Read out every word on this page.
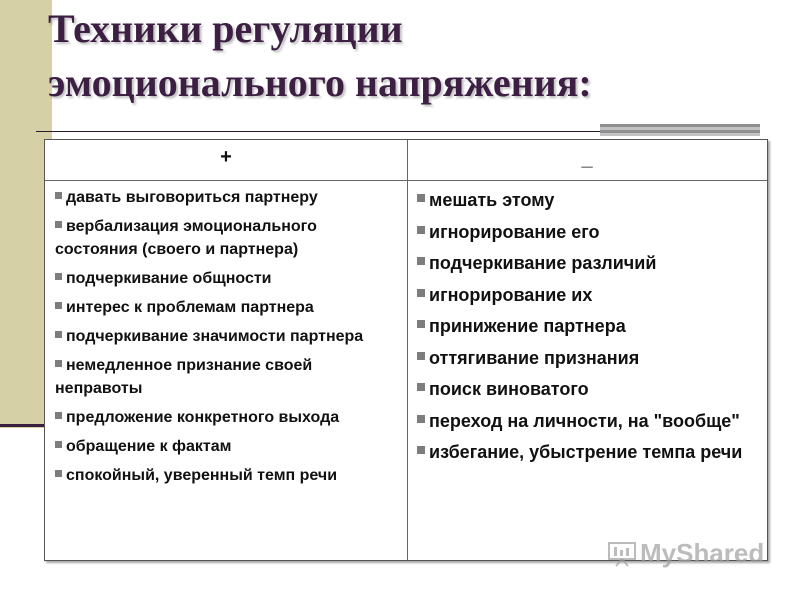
Техники регуляции
эмоционального напряжения:
+	_
давать выговориться партнеру
вербализация эмоционального состояния (своего и партнера)
подчеркивание общности
интерес к проблемам партнера
подчеркивание значимости партнера
немедленное признание своей неправоты
предложение конкретного выхода
обращение к фактам
спокойный, уверенный темп речи
мешать этому
игнорирование его
подчеркивание различий
игнорирование их
принижение партнера
оттягивание признания
поиск виноватого
переход на личности, на "вообще"
избегание, убыстрение темпа речи
MyShared
